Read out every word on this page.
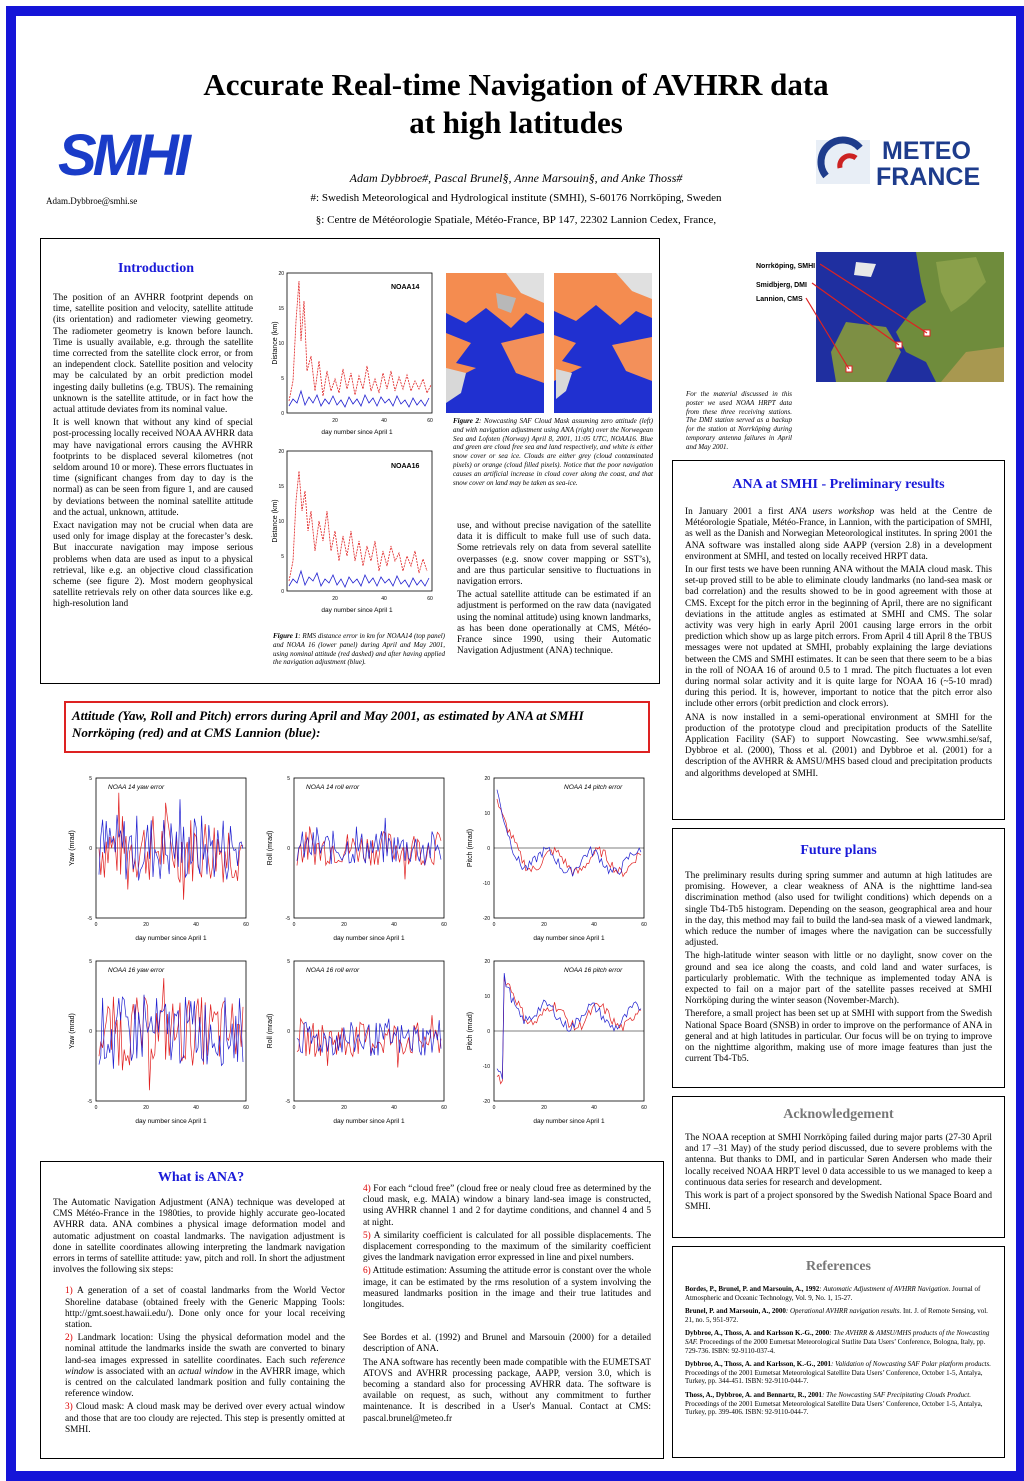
Accurate Real-time Navigation of AVHRR data
at high latitudes
SMHI
Adam.Dybbroe@smhi.se
METEO
FRANCE
Adam Dybbroe#, Pascal Brunel§, Anne Marsouin§, and Anke Thoss#
#: Swedish Meteorological and Hydrological institute (SMHI), S-60176 Norrköping, Sweden
§: Centre de Météorologie Spatiale, Météo-France, BP 147, 22302 Lannion Cedex, France,
Introduction

The position of an AVHRR footprint depends on time, satellite position and velocity, satellite attitude (its orientation) and radiometer viewing geometry. The radiometer geometry is known before launch. Time is usually available, e.g. through the satellite time corrected from the satellite clock error, or from an independent clock. Satellite position and velocity may be calculated by an orbit prediction model ingesting daily bulletins (e.g. TBUS). The remaining unknown is the satellite attitude, or in fact how the actual attitude deviates from its nominal value.

It is well known that without any kind of special post-processing locally received NOAA AVHRR data may have navigational errors causing the AVHRR footprints to be displaced several kilometres (not seldom around 10 or more). These errors fluctuates in time (significant changes from day to day is the normal) as can be seen from figure 1, and are caused by deviations between the nominal satellite attitude and the actual, unknown, attitude.

Exact navigation may not be crucial when data are used only for image display at the forecaster’s desk. But inaccurate navigation may impose serious problems when data are used as input to a physical retrieval, like e.g. an objective cloud classification scheme (see figure 2). Most modern geophysical satellite retrievals rely on other data sources like e.g. high-resolution land

NOAA14
Distance (km)
20	40	60
0
5
10
15
20
day number since April 1
NOAA16
Distance (km)
0
5
10
15
20
20	40	60
day number since April 1
Figure 1: RMS distance error in km for NOAA14 (top panel) and NOAA 16 (lower panel) during April and May 2001, using nominal attitude (red dashed) and after having applied the navigation adjustment (blue).
Figure 2: Nowcasting SAF Cloud Mask assuming zero attitude (left) and with navigation adjustment using ANA (right) over the Norwegean Sea and Lofoten (Norway) April 8, 2001, 11:05 UTC, NOAA16. Blue and green are cloud free sea and land respectively, and white is either snow cover or sea ice. Clouds are either grey (cloud contaminated pixels) or orange (cloud filled pixels). Notice that the poor navigation causes an artificial increase in cloud cover along the coast, and that snow cover on land may be taken as sea-ice.

use, and without precise navigation of the satellite data it is difficult to make full use of such data. Some retrievals rely on data from several satellite overpasses (e.g. snow cover mapping or SST’s), and are thus particular sensitive to fluctuations in navigation errors.

The actual satellite attitude can be estimated if an adjustment is performed on the raw data (navigated using the nominal attitude) using known landmarks, as has been done operationally at CMS, Météo-France since 1990, using their Automatic Navigation Adjustment (ANA) technique.

Norrköping, SMHI
Smidbjerg, DMI
Lannion, CMS
For the material discussed in this poster we used NOAA HRPT data from these three receiving stations. The DMI station served as a backup for the station at Norrköping during temporary antenna failures in April and May 2001.
ANA at SMHI - Preliminary results

In January 2001 a first ANA users workshop was held at the Centre de Météorologie Spatiale, Météo-France, in Lannion, with the participation of SMHI, as well as the Danish and Norwegian Meteorological institutes. In spring 2001 the ANA software was installed along side AAPP (version 2.8) in a development environment at SMHI, and tested on locally received HRPT data.

In our first tests we have been running ANA without the MAIA cloud mask. This set-up proved still to be able to eliminate cloudy landmarks (no land-sea mask or bad correlation) and the results showed to be in good agreement with those at CMS. Except for the pitch error in the beginning of April, there are no significant deviations in the attitude angles as estimated at SMHI and CMS. The solar activity was very high in early April 2001 causing large errors in the orbit prediction which show up as large pitch errors. From April 4 till April 8 the TBUS messages were not updated at SMHI, probably explaining the large deviations between the CMS and SMHI estimates. It can be seen that there seem to be a bias in the roll of NOAA 16 of around 0.5 to 1 mrad. The pitch fluctuates a lot even during normal solar activity and it is quite large for NOAA 16 (~5-10 mrad) during this period. It is, however, important to notice that the pitch error also include other errors (orbit prediction and clock errors).

ANA is now installed in a semi-operational environment at SMHI for the production of the prototype cloud and precipitation products of the Satellite Application Facility (SAF) to support Nowcasting. See www.smhi.se/saf, Dybbroe et al. (2000), Thoss et al. (2001) and Dybbroe et al. (2001) for a description of the AVHRR & AMSU/MHS based cloud and precipitation products and algorithms developed at SMHI.

Attitude (Yaw, Roll and Pitch) errors during April and May 2001, as estimated by ANA at SMHI Norrköping (red) and at CMS Lannion (blue):
NOAA 14 yaw error
Yaw (mrad)
5
0
-5
0	20	40	60
day number since April 1
NOAA 14 roll error
Roll (mrad)
5
0
-5
0	20	40	60
day number since April 1
NOAA 14 pitch error
Pitch (mrad)
20
10
0
-10
-20
0	20	40	60
day number since April 1
NOAA 16 yaw error
Yaw (mrad)
5
0
-5
0	20	40	60
day number since April 1
NOAA 16 roll error
Roll (mrad)
5
0
-5
0	20	40	60
day number since April 1
NOAA 16 pitch error
Pitch (mrad)
20
10
0
-10
-20
0	20	40	60
day number since April 1
Future plans

The preliminary results during spring summer and autumn at high latitudes are promising. However, a clear weakness of ANA is the nighttime land-sea discrimination method (also used for twilight conditions) which depends on a single Tb4-Tb5 histogram. Depending on the season, geographical area and hour in the day, this method may fail to build the land-sea mask of a viewed landmark, which reduce the number of images where the navigation can be successfully adjusted.

The high-latitude winter season with little or no daylight, snow cover on the ground and sea ice along the coasts, and cold land and water surfaces, is particularly problematic. With the technique as implemented today ANA is expected to fail on a major part of the satellite passes received at SMHI Norrköping during the winter season (November-March).

Therefore, a small project has been set up at SMHI with support from the Swedish National Space Board (SNSB) in order to improve on the performance of ANA in general and at high latitudes in particular. Our focus will be on trying to improve on the nighttime algorithm, making use of more image features than just the current Tb4-Tb5.

Acknowledgement

The NOAA reception at SMHI Norrköping failed during major parts (27-30 April and 17 –31 May) of the study period discussed, due to severe problems with the antenna. But thanks to DMI, and in particular Søren Andersen who made their locally received NOAA HRPT level 0 data accessible to us we managed to keep a continuous data series for research and development.

This work is part of a project sponsored by the Swedish National Space Board and SMHI.

References

Bordes, P., Brunel, P. and Marsouin, A., 1992: Automatic Adjustment of AVHRR Navigation. Journal of Atmospheric and Oceanic Technology, Vol. 9, No. 1, 15-27.

Brunel, P. and Marsouin, A., 2000: Operational AVHRR navigation results. Int. J. of Remote Sensing, vol. 21, no. 5, 951-972.

Dybbroe, A., Thoss, A. and Karlsson K.-G., 2000: The AVHRR & AMSU/MHS products of the Nowcasting SAF. Proceedings of the 2000 Eumetsat Meteorological Statlite Data Users’ Conference, Bologna, Italy, pp. 729-736. ISBN: 92-9110-037-4.

Dybbroe, A., Thoss, A. and Karlsson, K.-G., 2001: Validation of Nowcasting SAF Polar platform products. Proceedings of the 2001 Eumetsat Meteorological Satellite Data Users’ Conference, October 1-5, Antalya, Turkey, pp. 344-451. ISBN: 92-9110-044-7.

Thoss, A., Dybbroe, A. and Bennartz, R., 2001: The Nowcasting SAF Precipitating Clouds Product. Proceedings of the 2001 Eumetsat Meteorological Satellite Data Users’ Conference, October 1-5, Antalya, Turkey, pp. 399-406. ISBN: 92-9110-044-7.

What is ANA?

The Automatic Navigation Adjustment (ANA) technique was developed at CMS Météo-France in the 1980ties, to provide highly accurate geo-located AVHRR data. ANA combines a physical image deformation model and automatic adjustment on coastal landmarks. The navigation adjustment is done in satellite coordinates allowing interpreting the landmark navigation errors in terms of satellite attitude: yaw, pitch and roll. In short the adjustment involves the following six steps:

1) A generation of a set of coastal landmarks from the World Vector Shoreline database (obtained freely with the Generic Mapping Tools: http://gmt.soest.hawaii.edu/). Done only once for your local receiving station.

2) Landmark location: Using the physical deformation model and the nominal attitude the landmarks inside the swath are converted to binary land-sea images expressed in satellite coordinates. Each such reference window is associated with an actual window in the AVHRR image, which is centred on the calculated landmark position and fully containing the reference window.

3) Cloud mask: A cloud mask may be derived over every actual window and those that are too cloudy are rejected. This step is presently omitted at SMHI.

4) For each “cloud free” (cloud free or nealy cloud free as determined by the cloud mask, e.g. MAIA) window a binary land-sea image is constructed, using AVHRR channel 1 and 2 for daytime conditions, and channel 4 and 5 at night.

5) A similarity coefficient is calculated for all possible displacements. The displacement corresponding to the maximum of the similarity coefficient gives the landmark navigation error expressed in line and pixel numbers.

6) Attitude estimation: Assuming the attitude error is constant over the whole image, it can be estimated by the rms resolution of a system involving the measured landmarks position in the image and their true latitudes and longitudes.

See Bordes et al. (1992) and Brunel and Marsouin (2000) for a detailed description of ANA.

The ANA software has recently been made compatible with the EUMETSAT ATOVS and AVHRR processing package, AAPP, version 3.0, which is becoming a standard also for processing AVHRR data. The software is available on request, as such, without any commitment to further maintenance. It is described in a User's Manual. Contact at CMS: pascal.brunel@meteo.fr
